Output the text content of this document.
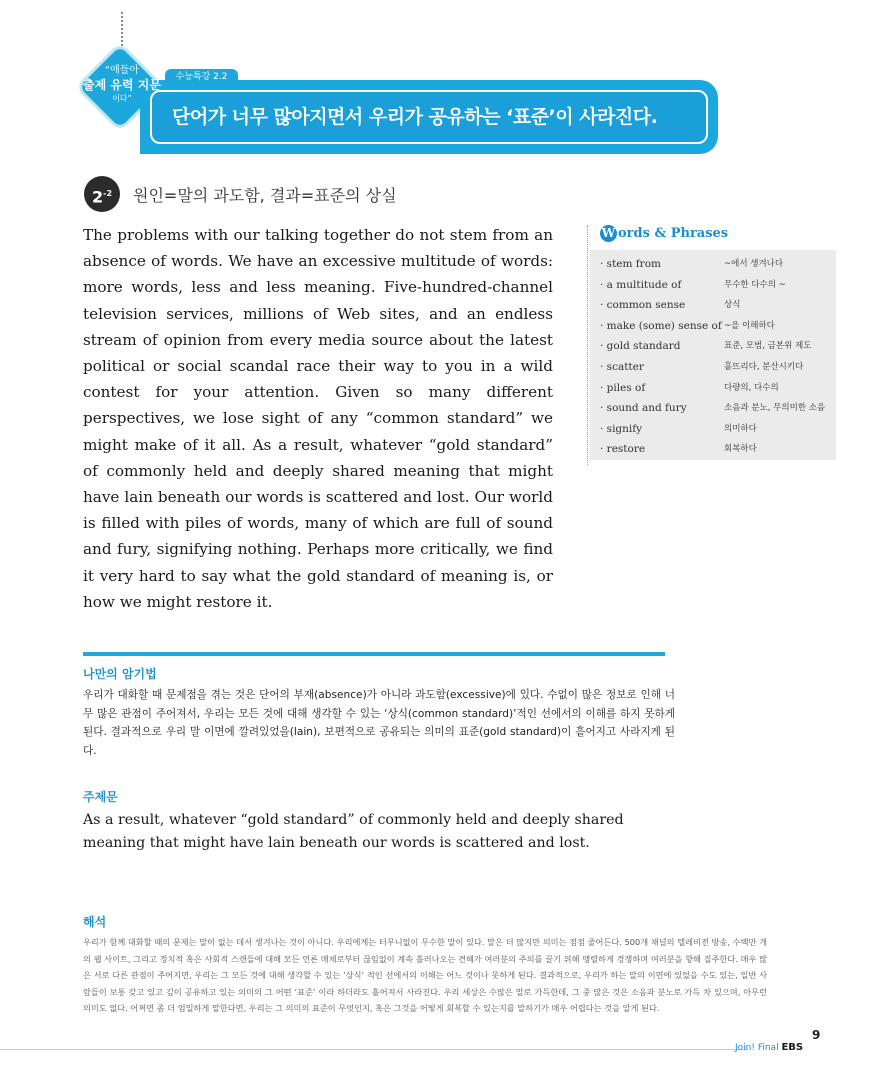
“애들아
출제 유력 지문
이다”
수능특강 2.2
단어가 너무 많아지면서 우리가 공유하는 ‘표준’이 사라진다.
$2^{-2}$	원인=말의 과도함, 결과=표준의 상실

The problems with our talking together do not stem from an absence of words. We have an excessive multitude of words: more words, less and less meaning. Five-hundred-channel television services, millions of Web sites, and an endless stream of opinion from every media source about the latest political or social scandal race their way to you in a wild contest for your attention. Given so many different perspectives, we lose sight of any “common standard” we might make of it all. As a result, whatever “gold standard” of commonly held and deeply shared meaning that might have lain beneath our words is scattered and lost. Our world is filled with piles of words, many of which are full of sound and fury, signifying nothing. Perhaps more critically, we find it very hard to say what the gold standard of meaning is, or how we might restore it.

W ords & Phrases
· stem from	~에서 생겨나다
· a multitude of	무수한 다수의 ~
· common sense	상식
· make (some) sense of ~을 이해하다
· gold standard	표준, 모범, 금본위 제도
· scatter	흩뜨리다, 분산시키다
· piles of	다량의, 다수의
· sound and fury	소음과 분노, 무의미한 소음
· signify	의미하다
· restore	회복하다
나만의 암기법

우리가 대화할 때 문제점을 겪는 것은 단어의 부재(absence)가 아니라 과도함(excessive)에 있다. 수없이 많은 정보로 인해 너무 많은 관점이 주어져서, 우리는 모든 것에 대해 생각할 수 있는 ‘상식(common standard)’적인 선에서의 이해를 하지 못하게 된다. 결과적으로 우리 말 이면에 깔려있었을(lain), 보편적으로 공유되는 의미의 표준(gold standard)이 흩어지고 사라지게 된다.

주제문

As a result, whatever “gold standard” of commonly held and deeply shared meaning that might have lain beneath our words is scattered and lost.

해석

우리가 함께 대화할 때의 문제는 말이 없는 데서 생겨나는 것이 아니다. 우리에게는 터무니없이 무수한 말이 있다. 말은 더 많지만 의미는 점점 줄어든다. 500개 채널의 텔레비전 방송, 수백만 개의 웹 사이트, 그리고 정치적 혹은 사회적 스캔들에 대해 모든 언론 매체로부터 끊임없이 계속 흘러나오는 견해가 여러분의 주의를 끌기 위해 맹렬하게 경쟁하며 여러분을 향해 질주한다. 매우 많은 서로 다른 관점이 주어지면, 우리는 그 모든 것에 대해 생각할 수 있는 ‘상식’ 적인 선에서의 이해는 어느 것이나 못하게 된다. 결과적으로, 우리가 하는 말의 이면에 있었을 수도 있는, 일반 사람들이 보통 갖고 있고 깊이 공유하고 있는 의미의 그 어떤 ‘표준’ 이라 하더라도 흩어져서 사라진다. 우리 세상은 수많은 말로 가득한데, 그 중 많은 것은 소음과 분노로 가득 차 있으며, 아무런 의미도 없다. 어쩌면 좀 더 엄밀하게 말한다면, 우리는 그 의미의 표준이 무엇인지, 혹은 그것을 어떻게 회복할 수 있는지를 말하기가 매우 어렵다는 것을 알게 된다.

Join! Final EBS
9
